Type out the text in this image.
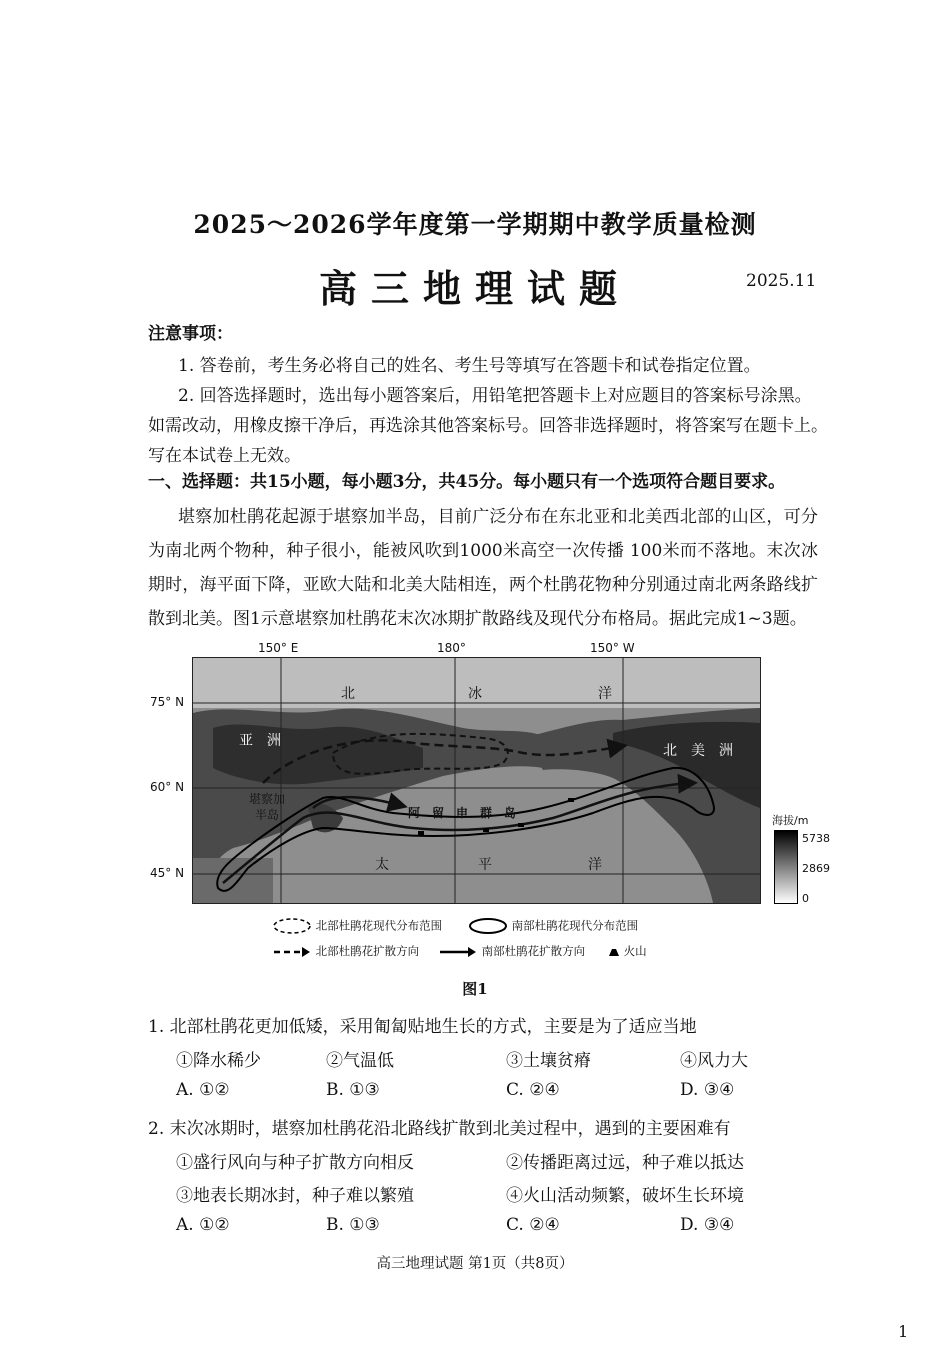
2025～2026学年度第一学期期中教学质量检测
高三地理试题	2025.11
注意事项：
1. 答卷前，考生务必将自己的姓名、考生号等填写在答题卡和试卷指定位置。
2. 回答选择题时，选出每小题答案后，用铅笔把答题卡上对应题目的答案标号涂黑。
如需改动，用橡皮擦干净后，再选涂其他答案标号。回答非选择题时，将答案写在题卡上。
写在本试卷上无效。
一、选择题：共15小题，每小题3分，共45分。每小题只有一个选项符合题目要求。
堪察加杜鹃花起源于堪察加半岛，目前广泛分布在东北亚和北美西北部的山区，可分为南北两个物种，种子很小，能被风吹到1000米高空一次传播 100米而不落地。末次冰期时，海平面下降，亚欧大陆和北美大陆相连，两个杜鹃花物种分别通过南北两条路线扩散到北美。图1示意堪察加杜鹃花末次冰期扩散路线及现代分布格局。据此完成1~3题。
150° E	180°	150° W
75° N
60° N
45° N
北	冰	洋
亚　洲
北　美　洲
堪察加
半岛	阿　留　申　群　岛
太	平	洋
海拔/m
5738
2869
0
北部杜鹃花现代分布范围	南部杜鹃花现代分布范围
北部杜鹃花扩散方向	南部杜鹃花扩散方向	火山
图1
1. 北部杜鹃花更加低矮，采用匍匐贴地生长的方式，主要是为了适应当地
①降水稀少	②气温低	③土壤贫瘠	④风力大
A. ①②	B. ①③	C. ②④	D. ③④
2. 末次冰期时，堪察加杜鹃花沿北路线扩散到北美过程中，遇到的主要困难有
①盛行风向与种子扩散方向相反	②传播距离过远，种子难以抵达
③地表长期冰封，种子难以繁殖	④火山活动频繁，破坏生长环境
A. ①②	B. ①③	C. ②④	D. ③④
高三地理试题 第1页（共8页）
1
